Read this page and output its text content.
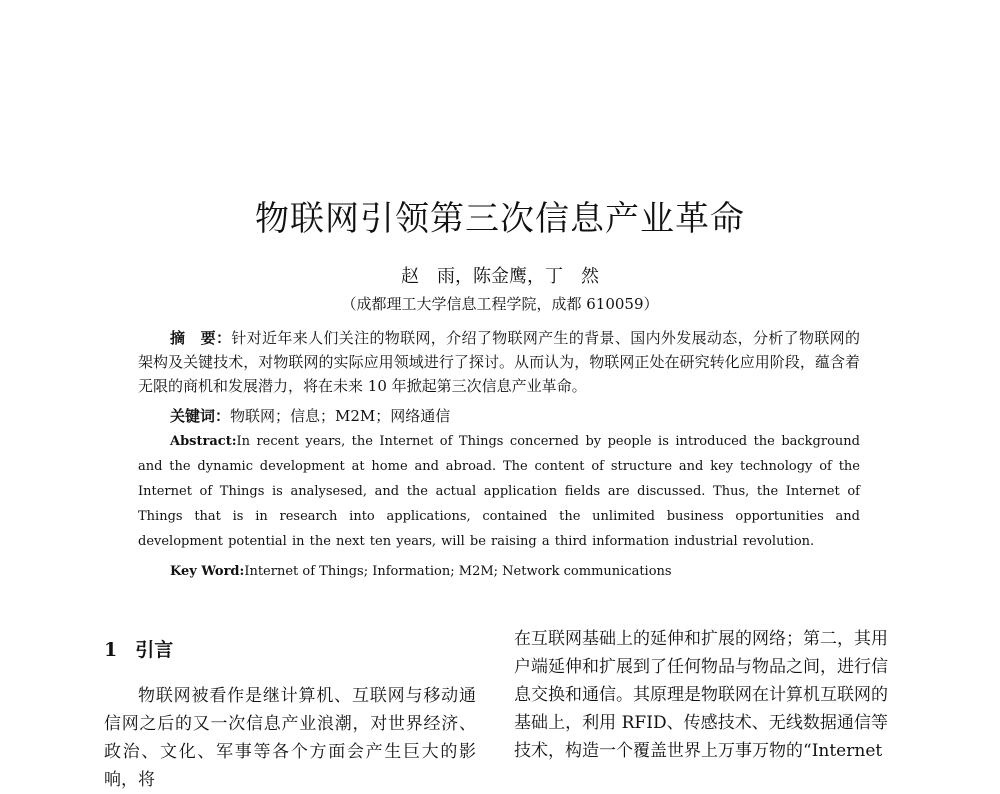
物联网引领第三次信息产业革命
赵　雨，陈金鹰，丁　然
（成都理工大学信息工程学院，成都 610059）
摘　要：针对近年来人们关注的物联网，介绍了物联网产生的背景、国内外发展动态，分析了物联网的架构及关键技术，对物联网的实际应用领域进行了探讨。从而认为，物联网正处在研究转化应用阶段，蕴含着无限的商机和发展潜力，将在未来 10 年掀起第三次信息产业革命。
关键词：物联网；信息；M2M；网络通信
Abstract:In recent years, the Internet of Things concerned by people is introduced the background and the dynamic development at home and abroad. The content of structure and key technology of the Internet of Things is analysesed, and the actual application fields are discussed. Thus, the Internet of Things that is in research into applications, contained the unlimited business opportunities and development potential in the next ten years, will be raising a third information industrial revolution.
Key Word:Internet of Things; Information; M2M; Network communications
1 引言

物联网被看作是继计算机、互联网与移动通信网之后的又一次信息产业浪潮，对世界经济、政治、文化、军事等各个方面会产生巨大的影响，将

在互联网基础上的延伸和扩展的网络；第二，其用户端延伸和扩展到了任何物品与物品之间，进行信息交换和通信。其原理是物联网在计算机互联网的基础上，利用 RFID、传感技术、无线数据通信等技术，构造一个覆盖世界上万事万物的“Internet
